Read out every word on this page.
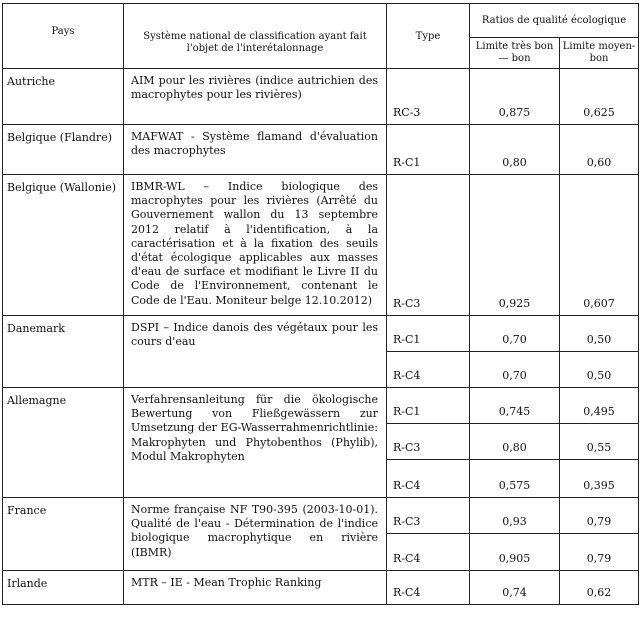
Pays	Système national de classification ayant fait l'objet de l'interétalonnage	Type	Ratios de qualité écologique	
			Limite très bon — bon	Limite moyen-bon
Autriche	AIM pour les rivières (indice autrichien des macrophytes pour les rivières)	RC-3	0,875	0,625
Belgique (Flandre)	MAFWAT - Système flamand d'évaluation des macrophytes	R-C1	0,80	0,60
Belgique (Wallonie)	IBMR-WL – Indice biologique des macrophytes pour les rivières (Arrêté du Gouvernement wallon du 13 septembre 2012 relatif à l'identification, à la caractérisation et à la fixation des seuils d'état écologique applicables aux masses d'eau de surface et modifiant le Livre II du Code de l'Environnement, contenant le Code de l'Eau. Moniteur belge 12.10.2012)	R-C3	0,925	0,607
Danemark	DSPI – Indice danois des végétaux pour les cours d'eau	R-C1	0,70	0,50
		R-C4	0,70	0,50
Allemagne	Verfahrensanleitung für die ökologische Bewertung von Fließgewässern zur Umsetzung der EG-Wasserrahmenrichtlinie: Makrophyten und Phytobenthos (Phylib), Modul Makrophyten	R-C1	0,745	0,495
		R-C3	0,80	0,55
		R-C4	0,575	0,395
France	Norme française NF T90-395 (2003-10-01). Qualité de l'eau - Détermination de l'indice biologique macrophytique en rivière (IBMR)	R-C3	0,93	0,79
		R-C4	0,905	0,79
Irlande	MTR – IE - Mean Trophic Ranking	R-C4	0,74	0,62
